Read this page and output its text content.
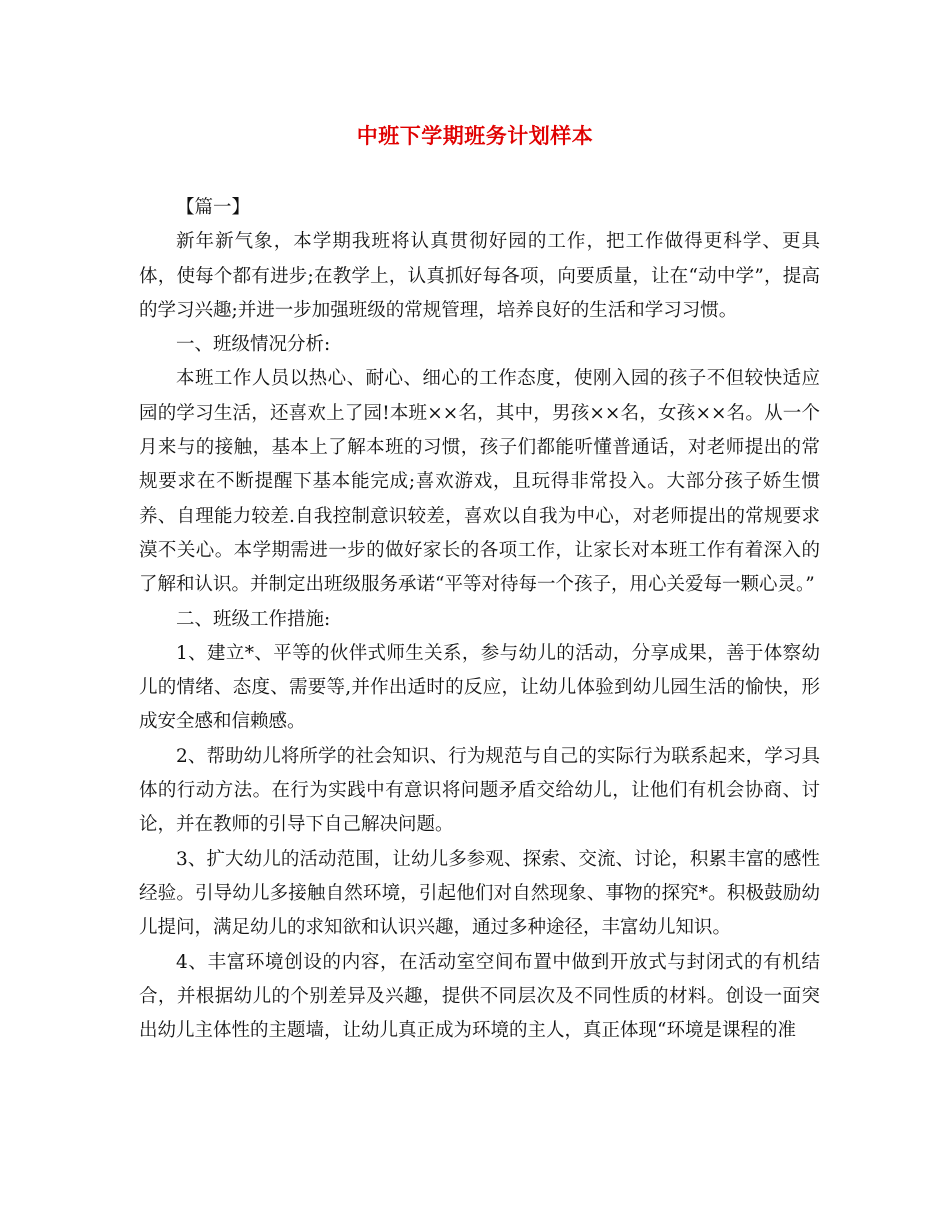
中班下学期班务计划样本

【篇一】

新年新气象，本学期我班将认真贯彻好园的工作，把工作做得更科学、更具体，使每个都有进步;在教学上，认真抓好每各项，向要质量，让在“动中学”，提高的学习兴趣;并进一步加强班级的常规管理，培养良好的生活和学习习惯。

一、班级情况分析:

本班工作人员以热心、耐心、细心的工作态度，使刚入园的孩子不但较快适应园的学习生活，还喜欢上了园!本班××名，其中，男孩××名，女孩××名。从一个月来与的接触，基本上了解本班的习惯，孩子们都能听懂普通话，对老师提出的常规要求在不断提醒下基本能完成;喜欢游戏，且玩得非常投入。大部分孩子娇生惯养、自理能力较差.自我控制意识较差，喜欢以自我为中心，对老师提出的常规要求漠不关心。本学期需进一步的做好家长的各项工作，让家长对本班工作有着深入的了解和认识。并制定出班级服务承诺“平等对待每一个孩子，用心关爱每一颗心灵。”

二、班级工作措施:

1、建立*、平等的伙伴式师生关系，参与幼儿的活动，分享成果，善于体察幼儿的情绪、态度、需要等,并作出适时的反应，让幼儿体验到幼儿园生活的愉快，形成安全感和信赖感。

2、帮助幼儿将所学的社会知识、行为规范与自己的实际行为联系起来，学习具体的行动方法。在行为实践中有意识将问题矛盾交给幼儿，让他们有机会协商、讨论，并在教师的引导下自己解决问题。

3、扩大幼儿的活动范围，让幼儿多参观、探索、交流、讨论，积累丰富的感性经验。引导幼儿多接触自然环境，引起他们对自然现象、事物的探究*。积极鼓励幼儿提问，满足幼儿的求知欲和认识兴趣，通过多种途径，丰富幼儿知识。

4、丰富环境创设的内容，在活动室空间布置中做到开放式与封闭式的有机结合，并根据幼儿的个别差异及兴趣，提供不同层次及不同性质的材料。创设一面突出幼儿主体性的主题墙，让幼儿真正成为环境的主人，真正体现“环境是课程的准
